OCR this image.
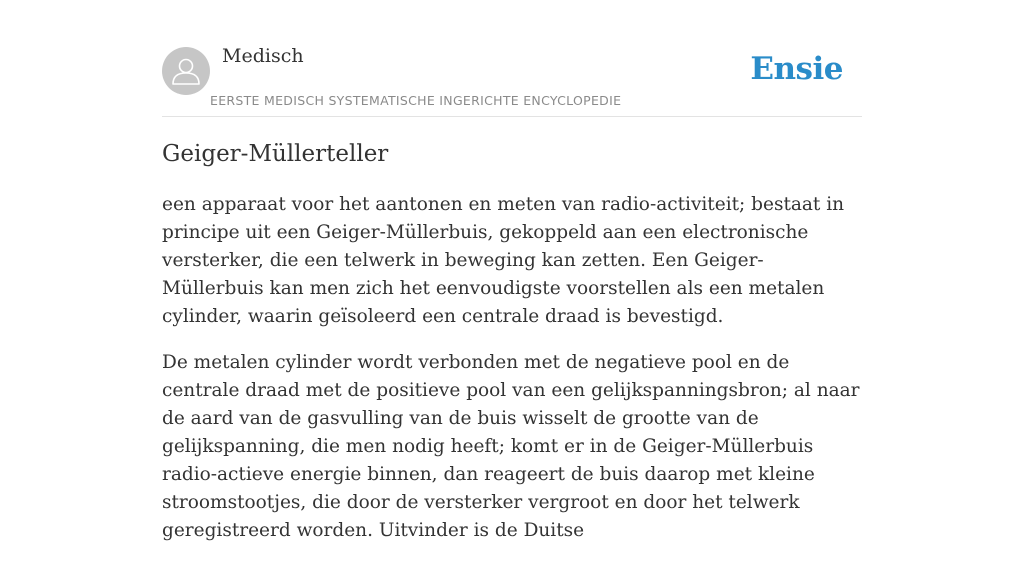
Medisch
EERSTE MEDISCH SYSTEMATISCHE INGERICHTE ENCYCLOPEDIE
Ensie
Geiger-Müllerteller

een apparaat voor het aantonen en meten van radio-activiteit; bestaat in principe uit een Geiger-Müllerbuis, gekoppeld aan een electronische versterker, die een telwerk in beweging kan zetten. Een Geiger-Müllerbuis kan men zich het eenvoudigste voorstellen als een metalen cylinder, waarin geïsoleerd een centrale draad is bevestigd.

De metalen cylinder wordt verbonden met de negatieve pool en de centrale draad met de positieve pool van een gelijkspanningsbron; al naar de aard van de gasvulling van de buis wisselt de grootte van de gelijkspanning, die men nodig heeft; komt er in de Geiger-Müllerbuis radio-actieve energie binnen, dan reageert de buis daarop met kleine stroomstootjes, die door de versterker vergroot en door het telwerk geregistreerd worden. Uitvinder is de Duitse
